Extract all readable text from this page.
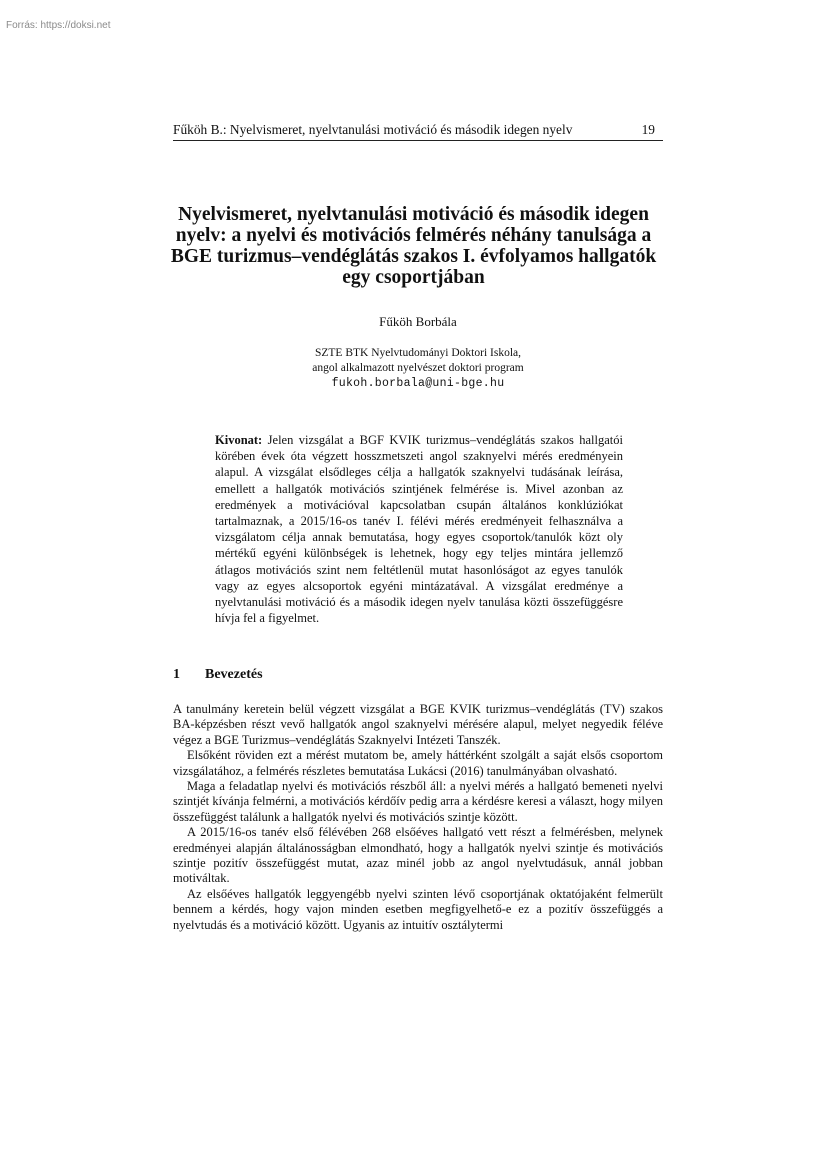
Forrás: https://doksi.net
Fűköh B.: Nyelvismeret, nyelvtanulási motiváció és második idegen nyelv	19
Nyelvismeret, nyelvtanulási motiváció és második idegen nyelv: a nyelvi és motivációs felmérés néhány tanulsága a BGE turizmus–vendéglátás szakos I. évfolyamos hallgatók egy csoportjában
Fűköh Borbála
SZTE BTK Nyelvtudományi Doktori Iskola,
angol alkalmazott nyelvészet doktori program
fukoh.borbala@uni-bge.hu

Kivonat: Jelen vizsgálat a BGF KVIK turizmus–vendéglátás szakos hallgatói körében évek óta végzett hosszmetszeti angol szaknyelvi mérés eredményein alapul. A vizsgálat elsődleges célja a hallgatók szaknyelvi tudásának leírása, emellett a hallgatók motivációs szintjének felmérése is. Mivel azonban az eredmények a motivációval kapcsolatban csupán általános konklúziókat tartalmaznak, a 2015/16-os tanév I. félévi mérés eredményeit felhasználva a vizsgálatom célja annak bemutatása, hogy egyes csoportok/tanulók közt oly mértékű egyéni különbségek is lehetnek, hogy egy teljes mintára jellemző átlagos motivációs szint nem feltétlenül mutat hasonlóságot az egyes tanulók vagy az egyes alcsoportok egyéni mintázatával. A vizsgálat eredménye a nyelvtanulási motiváció és a második idegen nyelv tanulása közti összefüggésre hívja fel a figyelmet.

1 Bevezetés

A tanulmány keretein belül végzett vizsgálat a BGE KVIK turizmus–vendéglátás (TV) szakos BA-képzésben részt vevő hallgatók angol szaknyelvi mérésére alapul, melyet negyedik féléve végez a BGE Turizmus–vendéglátás Szaknyelvi Intézeti Tanszék.

Elsőként röviden ezt a mérést mutatom be, amely háttérként szolgált a saját elsős csoportom vizsgálatához, a felmérés részletes bemutatása Lukácsi (2016) tanulmányában olvasható.

Maga a feladatlap nyelvi és motivációs részből áll: a nyelvi mérés a hallgató bemeneti nyelvi szintjét kívánja felmérni, a motivációs kérdőív pedig arra a kérdésre keresi a választ, hogy milyen összefüggést találunk a hallgatók nyelvi és motivációs szintje között.

A 2015/16-os tanév első félévében 268 elsőéves hallgató vett részt a felmérésben, melynek eredményei alapján általánosságban elmondható, hogy a hallgatók nyelvi szintje és motivációs szintje pozitív összefüggést mutat, azaz minél jobb az angol nyelvtudásuk, annál jobban motiváltak.

Az elsőéves hallgatók leggyengébb nyelvi szinten lévő csoportjának oktatójaként felmerült bennem a kérdés, hogy vajon minden esetben megfigyelhető-e ez a pozitív összefüggés a nyelvtudás és a motiváció között. Ugyanis az intuitív osztálytermi
